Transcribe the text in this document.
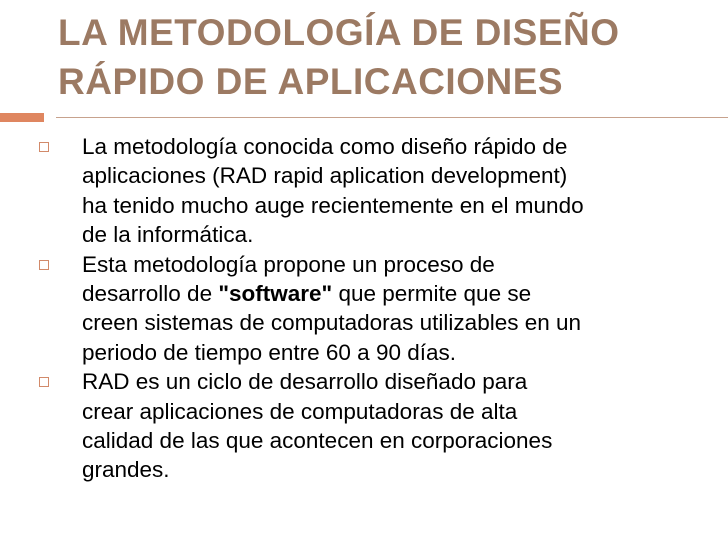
LA METODOLOGÍA DE DISEÑO
RÁPIDO DE APLICACIONES
La metodología conocida como diseño rápido de
aplicaciones (RAD rapid aplication development)
ha tenido mucho auge recientemente en el mundo
de la informática.
Esta metodología propone un proceso de
desarrollo de "software" que permite que se
creen sistemas de computadoras utilizables en un
periodo de tiempo entre 60 a 90 días.
RAD es un ciclo de desarrollo diseñado para
crear aplicaciones de computadoras de alta
calidad de las que acontecen en corporaciones
grandes.
